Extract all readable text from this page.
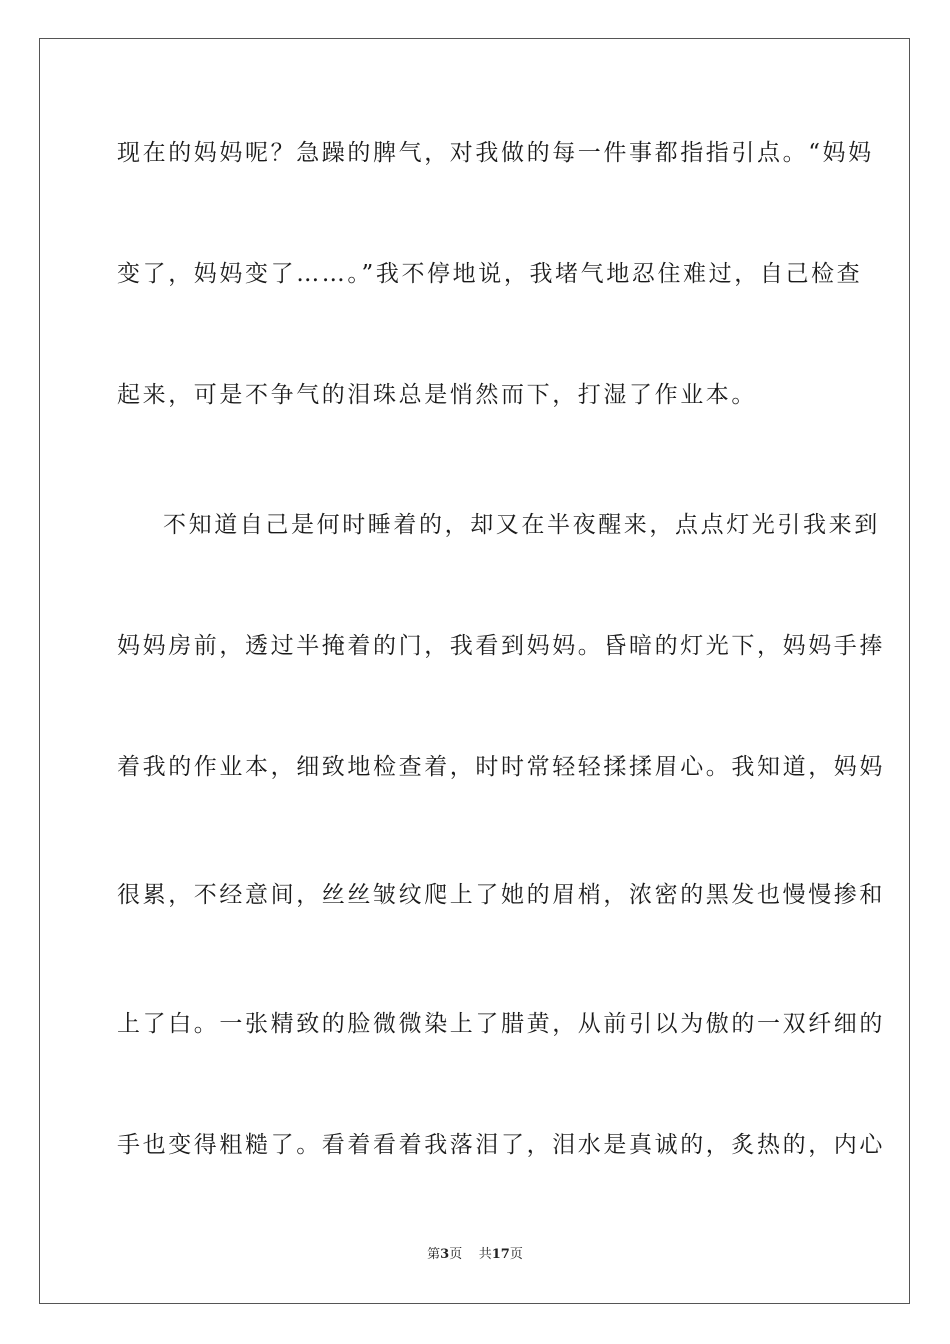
现在的妈妈呢？急躁的脾气，对我做的每一件事都指指引点。“妈妈
变了，妈妈变了……。”我不停地说，我堵气地忍住难过，自己检查
起来，可是不争气的泪珠总是悄然而下，打湿了作业本。
不知道自己是何时睡着的，却又在半夜醒来，点点灯光引我来到
妈妈房前，透过半掩着的门，我看到妈妈。昏暗的灯光下，妈妈手捧
着我的作业本，细致地检查着，时时常轻轻揉揉眉心。我知道，妈妈
很累，不经意间，丝丝皱纹爬上了她的眉梢，浓密的黑发也慢慢掺和
上了白。一张精致的脸微微染上了腊黄，从前引以为傲的一双纤细的
手也变得粗糙了。看着看着我落泪了，泪水是真诚的，炙热的，内心
第3页 共17页
